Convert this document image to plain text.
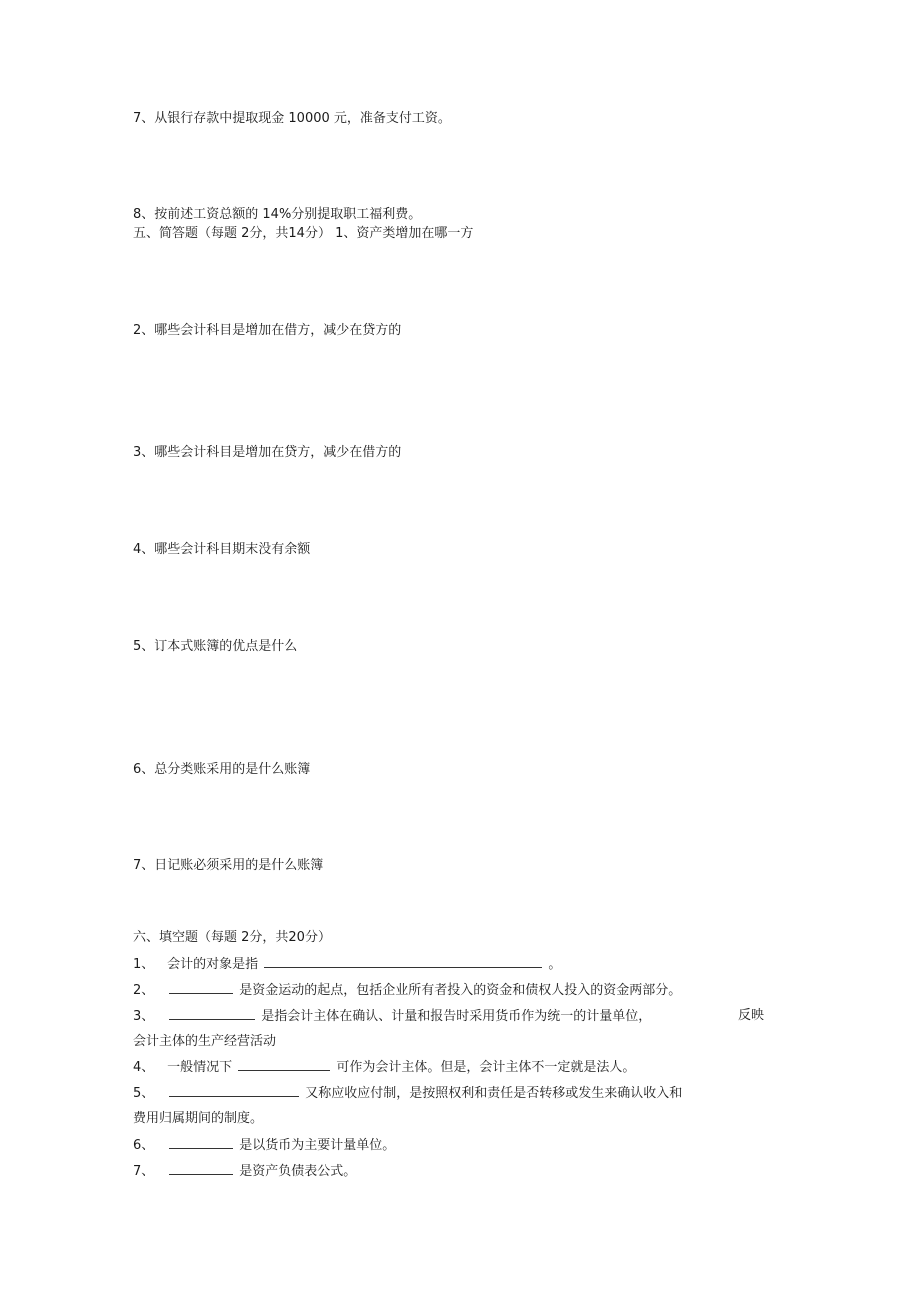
7、从银行存款中提取现金 10000 元，准备支付工资。
8、按前述工资总额的 14%分别提取职工福利费。
五、简答题（每题 2分，共14分） 1、资产类增加在哪一方
2、哪些会计科目是增加在借方，减少在贷方的
3、哪些会计科目是增加在贷方，减少在借方的
4、哪些会计科目期末没有余额
5、订本式账簿的优点是什么
6、总分类账采用的是什么账簿
7、日记账必须采用的是什么账簿
六、填空题（每题 2分，共20分）
1、 会计的对象是指	。
2、	是资金运动的起点，包括企业所有者投入的资金和债权人投入的资金两部分。
3、	是指会计主体在确认、计量和报告时采用货币作为统一的计量单位，	反映
会计主体的生产经营活动
4、 一般情况下	可作为会计主体。但是，会计主体不一定就是法人。
5、	又称应收应付制，是按照权利和责任是否转移或发生来确认收入和
费用归属期间的制度。
6、	是以货币为主要计量单位。
7、	是资产负债表公式。
